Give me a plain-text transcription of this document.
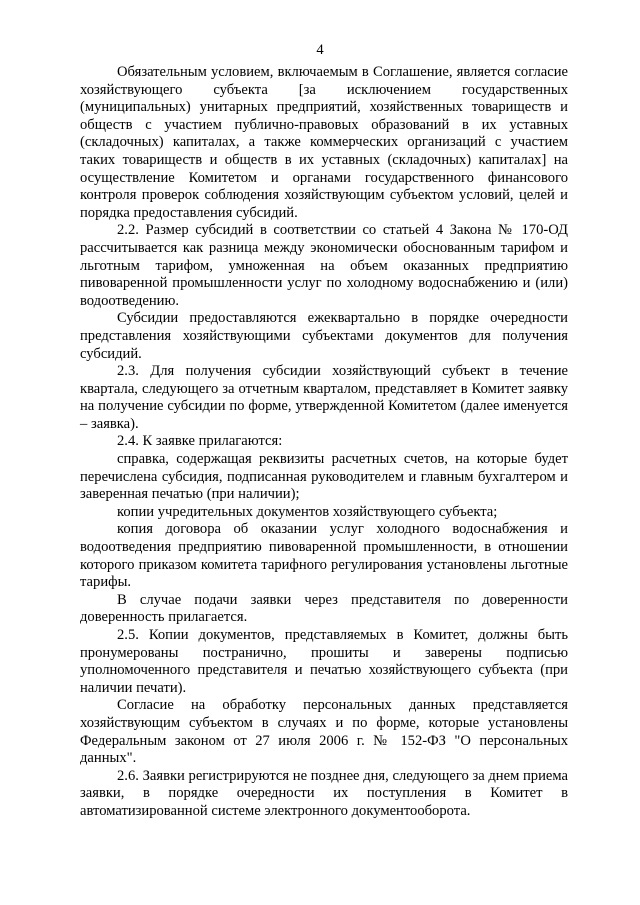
4

Обязательным условием, включаемым в Соглашение, является согласие хозяйствующего субъекта [за исключением государственных (муниципальных) унитарных предприятий, хозяйственных товариществ и обществ с участием публично-правовых образований в их уставных (складочных) капиталах, а также коммерческих организаций с участием таких товариществ и обществ в их уставных (складочных) капиталах] на осуществление Комитетом и органами государственного финансового контроля проверок соблюдения хозяйствующим субъектом условий, целей и порядка предоставления субсидий.

2.2. Размер субсидий в соответствии со статьей 4 Закона № 170-ОД рассчитывается как разница между экономически обоснованным тарифом и льготным тарифом, умноженная на объем оказанных предприятию пивоваренной промышленности услуг по холодному водоснабжению и (или) водоотведению.

Субсидии предоставляются ежеквартально в порядке очередности представления хозяйствующими субъектами документов для получения субсидий.

2.3. Для получения субсидии хозяйствующий субъект в течение квартала, следующего за отчетным кварталом, представляет в Комитет заявку на получение субсидии по форме, утвержденной Комитетом (далее именуется – заявка).

2.4. К заявке прилагаются:

справка, содержащая реквизиты расчетных счетов, на которые будет перечислена субсидия, подписанная руководителем и главным бухгалтером и заверенная печатью (при наличии);

копии учредительных документов хозяйствующего субъекта;

копия договора об оказании услуг холодного водоснабжения и водоотведения предприятию пивоваренной промышленности, в отношении которого приказом комитета тарифного регулирования установлены льготные тарифы.

В случае подачи заявки через представителя по доверенности доверенность прилагается.

2.5. Копии документов, представляемых в Комитет, должны быть пронумерованы постранично, прошиты и заверены подписью уполномоченного представителя и печатью хозяйствующего субъекта (при наличии печати).

Согласие на обработку персональных данных представляется хозяйствующим субъектом в случаях и по форме, которые установлены Федеральным законом от 27 июля 2006 г. № 152-ФЗ "О персональных данных".

2.6. Заявки регистрируются не позднее дня, следующего за днем приема заявки, в порядке очередности их поступления в Комитет в автоматизированной системе электронного документооборота.
